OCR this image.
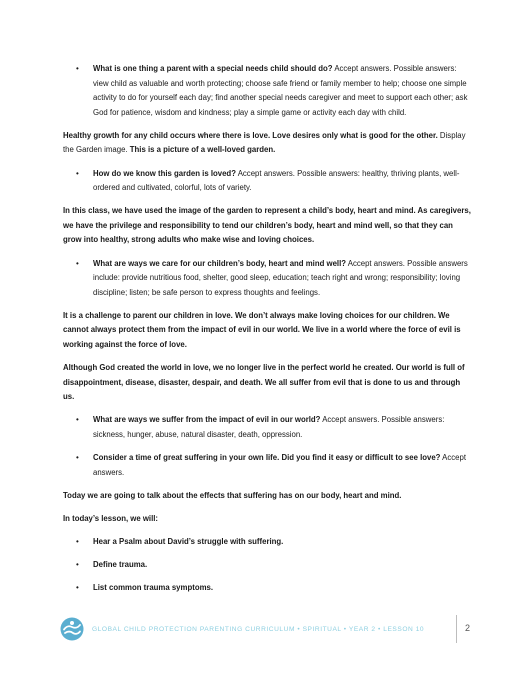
• What is one thing a parent with a special needs child should do? Accept answers. Possible answers: view child as valuable and worth protecting; choose safe friend or family member to help; choose one simple activity to do for yourself each day; find another special needs caregiver and meet to support each other; ask God for patience, wisdom and kindness; play a simple game or activity each day with child.

Healthy growth for any child occurs where there is love. Love desires only what is good for the other. Display the Garden image. This is a picture of a well-loved garden.

• How do we know this garden is loved? Accept answers. Possible answers: healthy, thriving plants, well-ordered and cultivated, colorful, lots of variety.

In this class, we have used the image of the garden to represent a child’s body, heart and mind. As caregivers, we have the privilege and responsibility to tend our children’s body, heart and mind well, so that they can grow into healthy, strong adults who make wise and loving choices.

• What are ways we care for our children’s body, heart and mind well? Accept answers. Possible answers include: provide nutritious food, shelter, good sleep, education; teach right and wrong; responsibility; loving discipline; listen; be safe person to express thoughts and feelings.

It is a challenge to parent our children in love. We don’t always make loving choices for our children. We cannot always protect them from the impact of evil in our world. We live in a world where the force of evil is working against the force of love.

Although God created the world in love, we no longer live in the perfect world he created. Our world is full of disappointment, disease, disaster, despair, and death. We all suffer from evil that is done to us and through us.

• What are ways we suffer from the impact of evil in our world? Accept answers. Possible answers: sickness, hunger, abuse, natural disaster, death, oppression.
• Consider a time of great suffering in your own life. Did you find it easy or difficult to see love? Accept answers.

Today we are going to talk about the effects that suffering has on our body, heart and mind.

In today’s lesson, we will:

• Hear a Psalm about David’s struggle with suffering.
• Define trauma.
• List common trauma symptoms.
GLOBAL CHILD PROTECTION PARENTING CURRICULUM • SPIRITUAL • YEAR 2 • LESSON 10	2
